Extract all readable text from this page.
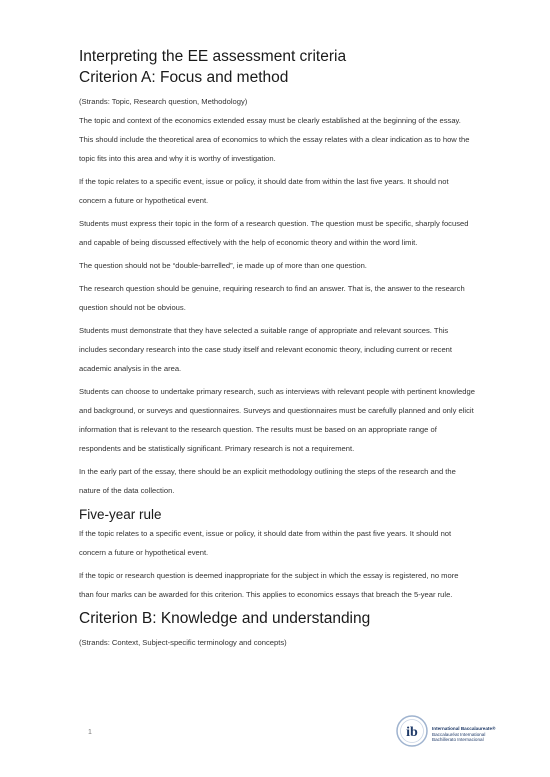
Interpreting the EE assessment criteria
Criterion A: Focus and method

(Strands: Topic, Research question, Methodology)

The topic and context of the economics extended essay must be clearly established at the beginning of the essay. This should include the theoretical area of economics to which the essay relates with a clear indication as to how the topic fits into this area and why it is worthy of investigation.

If the topic relates to a specific event, issue or policy, it should date from within the last five years. It should not concern a future or hypothetical event.

Students must express their topic in the form of a research question. The question must be specific, sharply focused and capable of being discussed effectively with the help of economic theory and within the word limit.

The question should not be “double-barrelled”, ie made up of more than one question.

The research question should be genuine, requiring research to find an answer. That is, the answer to the research question should not be obvious.

Students must demonstrate that they have selected a suitable range of appropriate and relevant sources. This includes secondary research into the case study itself and relevant economic theory, including current or recent academic analysis in the area.

Students can choose to undertake primary research, such as interviews with relevant people with pertinent knowledge and background, or surveys and questionnaires. Surveys and questionnaires must be carefully planned and only elicit information that is relevant to the research question. The results must be based on an appropriate range of respondents and be statistically significant. Primary research is not a requirement.

In the early part of the essay, there should be an explicit methodology outlining the steps of the research and the nature of the data collection.

Five-year rule

If the topic relates to a specific event, issue or policy, it should date from within the past five years. It should not concern a future or hypothetical event.

If the topic or research question is deemed inappropriate for the subject in which the essay is registered, no more than four marks can be awarded for this criterion. This applies to economics essays that breach the 5-year rule.

Criterion B: Knowledge and understanding

(Strands: Context, Subject-specific terminology and concepts)

1	ib	International Baccalaureate®
Baccalauréat International
Bachillerato Internacional
